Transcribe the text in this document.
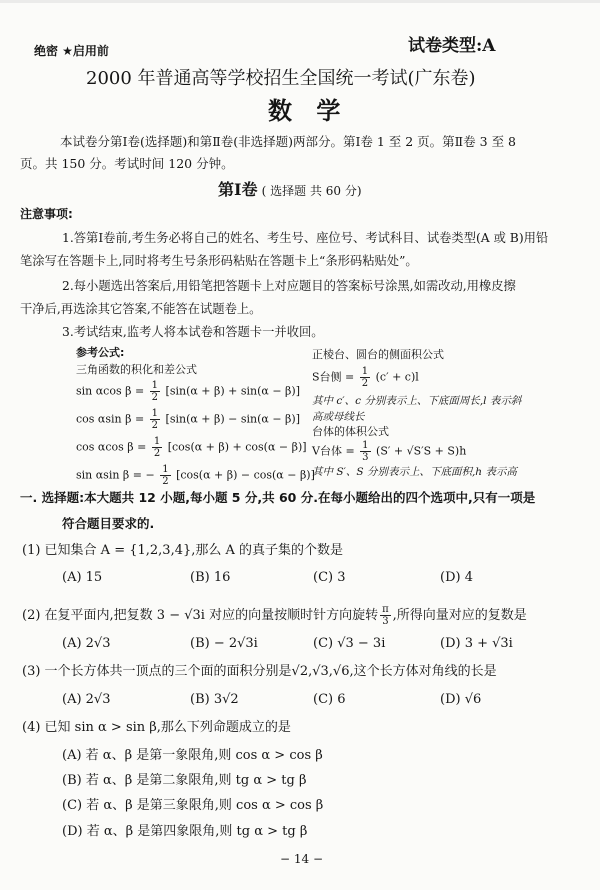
绝密 ★启用前	试卷类型:A
2000 年普通高等学校招生全国统一考试(广东卷)
数 学
本试卷分第Ⅰ卷(选择题)和第Ⅱ卷(非选择题)两部分。第Ⅰ卷 1 至 2 页。第Ⅱ卷 3 至 8
页。共 150 分。考试时间 120 分钟。
第Ⅰ卷 ( 选择题 共 60 分)
注意事项:
1.答第Ⅰ卷前,考生务必将自己的姓名、考生号、座位号、考试科目、试卷类型(A 或 B)用铅
笔涂写在答题卡上,同时将考生号条形码粘贴在答题卡上“条形码粘贴处”。
2.每小题选出答案后,用铅笔把答题卡上对应题目的答案标号涂黑,如需改动,用橡皮擦
干净后,再选涂其它答案,不能答在试题卷上。
3.考试结束,监考人将本试卷和答题卡一并收回。
参考公式:
三角函数的积化和差公式
sin αcos $\beta = \frac{1}{2} [\sin(\alpha + \beta) + \sin(\alpha - \beta)]$
cos αsin $\beta = \frac{1}{2} [\sin(\alpha + \beta) - \sin(\alpha - \beta)]$
cos αcos $\beta = \frac{1}{2} [\cos(\alpha + \beta) + \cos(\alpha - \beta)]$
sin αsin β = − $\frac{1}{2} [\cos(\alpha + \beta) - \cos(\alpha - \beta)]$
正棱台、圆台的侧面积公式
S台侧 = $\frac{1}{2} (c' + c)l$
其中 c′、c 分别表示上、下底面周长,l 表示斜
高或母线长
台体的体积公式
V台体 = $\frac{1}{3} (S' + √S'S + S)h$
其中 S′、S 分别表示上、下底面积,h 表示高
一. 选择题:本大题共 12 小题,每小题 5 分,共 60 分.在每小题给出的四个选项中,只有一项是
符合题目要求的.
(1) 已知集合 A = {1,2,3,4},那么 A 的真子集的个数是
(A) 15	(B) 16	(C) 3	(D) 4
(2) 在复平面内,把复数 3 − √3i 对应的向量按顺时针方向旋转 $\frac{\pi}{3}$ ,所得向量对应的复数是
(A) 2√3	(B) − 2√3i	(C) √3 − 3i	(D) 3 + √3i
(3) 一个长方体共一顶点的三个面的面积分别是√2,√3,√6,这个长方体对角线的长是
(A) 2√3	(B) 3√2	(C) 6	(D) √6
(4) 已知 sin α > sin β,那么下列命题成立的是
(A) 若 α、β 是第一象限角,则 cos α > cos β
(B) 若 α、β 是第二象限角,则 tg α > tg β
(C) 若 α、β 是第三象限角,则 cos α > cos β
(D) 若 α、β 是第四象限角,则 tg α > tg β
− 14 −
